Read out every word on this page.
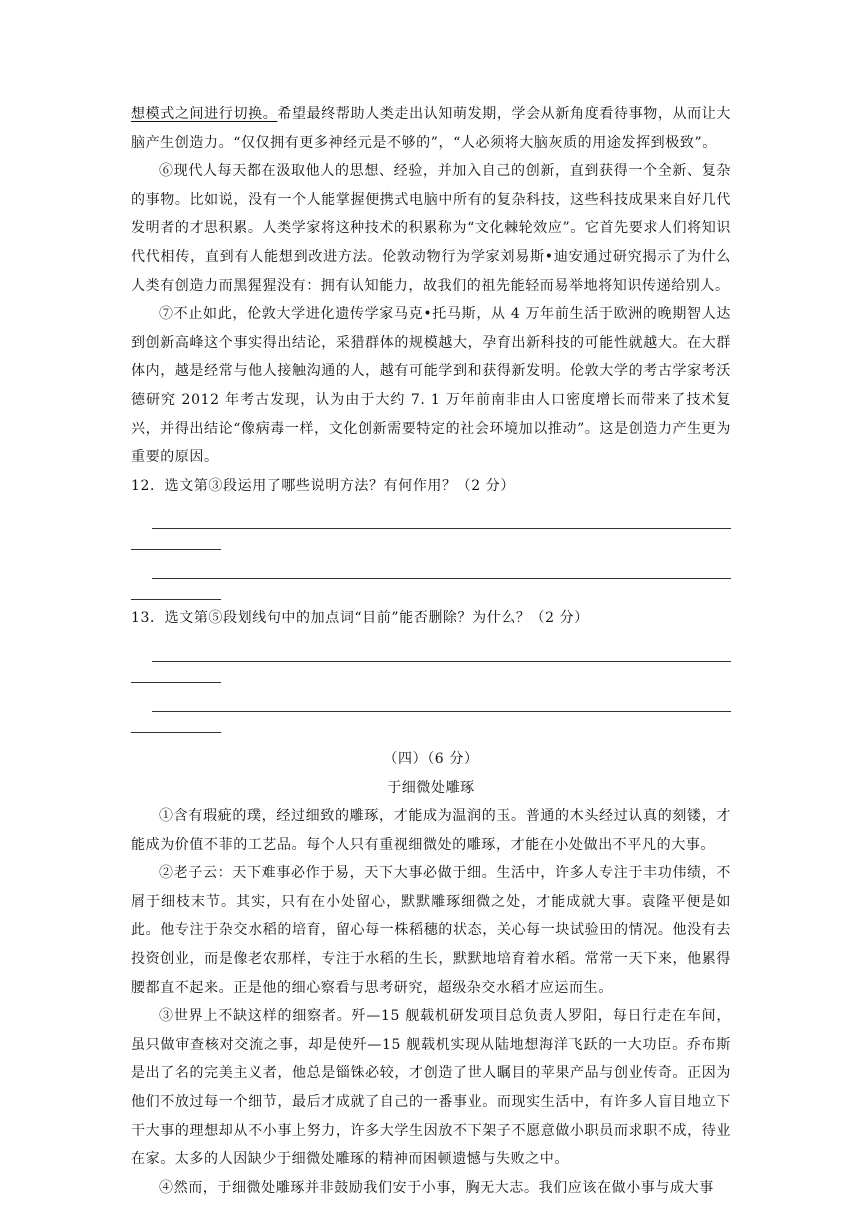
想模式之间进行切换。希望最终帮助人类走出认知萌发期，学会从新角度看待事物，从而让大脑产生创造力。“仅仅拥有更多神经元是不够的”，“人必须将大脑灰质的用途发挥到极致”。

⑥现代人每天都在汲取他人的思想、经验，并加入自己的创新，直到获得一个全新、复杂的事物。比如说，没有一个人能掌握便携式电脑中所有的复杂科技，这些科技成果来自好几代发明者的才思积累。人类学家将这种技术的积累称为“文化棘轮效应”。它首先要求人们将知识代代相传，直到有人能想到改进方法。伦敦动物行为学家刘易斯•迪安通过研究揭示了为什么人类有创造力而黑猩猩没有：拥有认知能力，故我们的祖先能轻而易举地将知识传递给别人。

⑦不止如此，伦敦大学进化遗传学家马克•托马斯，从 4 万年前生活于欧洲的晚期智人达到创新高峰这个事实得出结论，采猎群体的规模越大，孕育出新科技的可能性就越大。在大群体内，越是经常与他人接触沟通的人，越有可能学到和获得新发明。伦敦大学的考古学家考沃德研究 2012 年考古发现，认为由于大约 7. 1 万年前南非由人口密度增长而带来了技术复兴，并得出结论“像病毒一样，文化创新需要特定的社会环境加以推动”。这是创造力产生更为重要的原因。

12．选文第③段运用了哪些说明方法？有何作用？（2 分）

13．选文第⑤段划线句中的加点词“目前”能否删除？为什么？（2 分）

（四）（6 分）

于细微处雕琢

①含有瑕疵的璞，经过细致的雕琢，才能成为温润的玉。普通的木头经过认真的刻镂，才能成为价值不菲的工艺品。每个人只有重视细微处的雕琢，才能在小处做出不平凡的大事。

②老子云：天下难事必作于易，天下大事必做于细。生活中，许多人专注于丰功伟绩，不屑于细枝末节。其实，只有在小处留心，默默雕琢细微之处，才能成就大事。袁隆平便是如此。他专注于杂交水稻的培育，留心每一株稻穗的状态，关心每一块试验田的情况。他没有去投资创业，而是像老农那样，专注于水稻的生长，默默地培育着水稻。常常一天下来，他累得腰都直不起来。正是他的细心察看与思考研究，超级杂交水稻才应运而生。

③世界上不缺这样的细察者。歼—15 舰载机研发项目总负责人罗阳，每日行走在车间，虽只做审查核对交流之事，却是使歼—15 舰载机实现从陆地想海洋飞跃的一大功臣。乔布斯是出了名的完美主义者，他总是锱铢必较，才创造了世人瞩目的苹果产品与创业传奇。正因为他们不放过每一个细节，最后才成就了自己的一番事业。而现实生活中，有许多人盲目地立下干大事的理想却从不小事上努力，许多大学生因放不下架子不愿意做小职员而求职不成，待业在家。太多的人因缺少于细微处雕琢的精神而困顿遗憾与失败之中。

④然而，于细微处雕琢并非鼓励我们安于小事，胸无大志。我们应该在做小事与成大事
